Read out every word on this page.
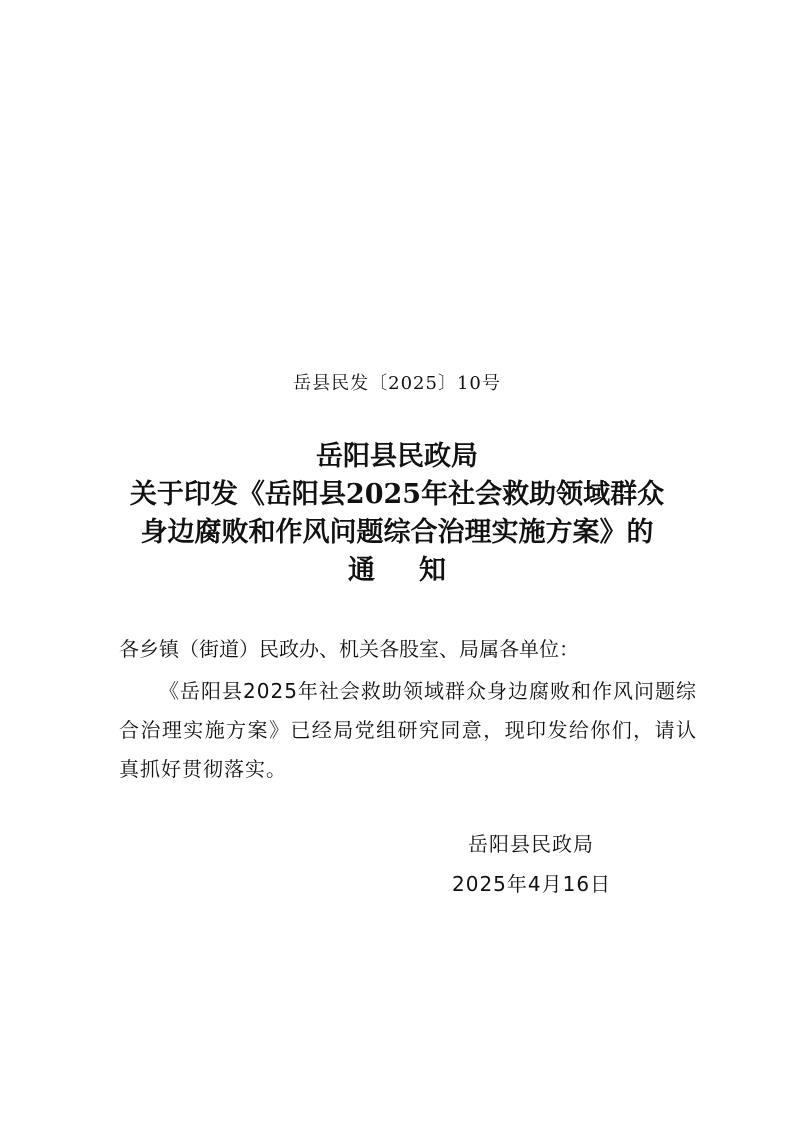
岳县民发〔2025〕10号
岳阳县民政局
关于印发《岳阳县2025年社会救助领域群众
身边腐败和作风问题综合治理实施方案》的
通知
各乡镇（街道）民政办、机关各股室、局属各单位：
《岳阳县2025年社会救助领域群众身边腐败和作风问题综合治理实施方案》已经局党组研究同意，现印发给你们，请认真抓好贯彻落实。
岳阳县民政局
2025年4月16日
